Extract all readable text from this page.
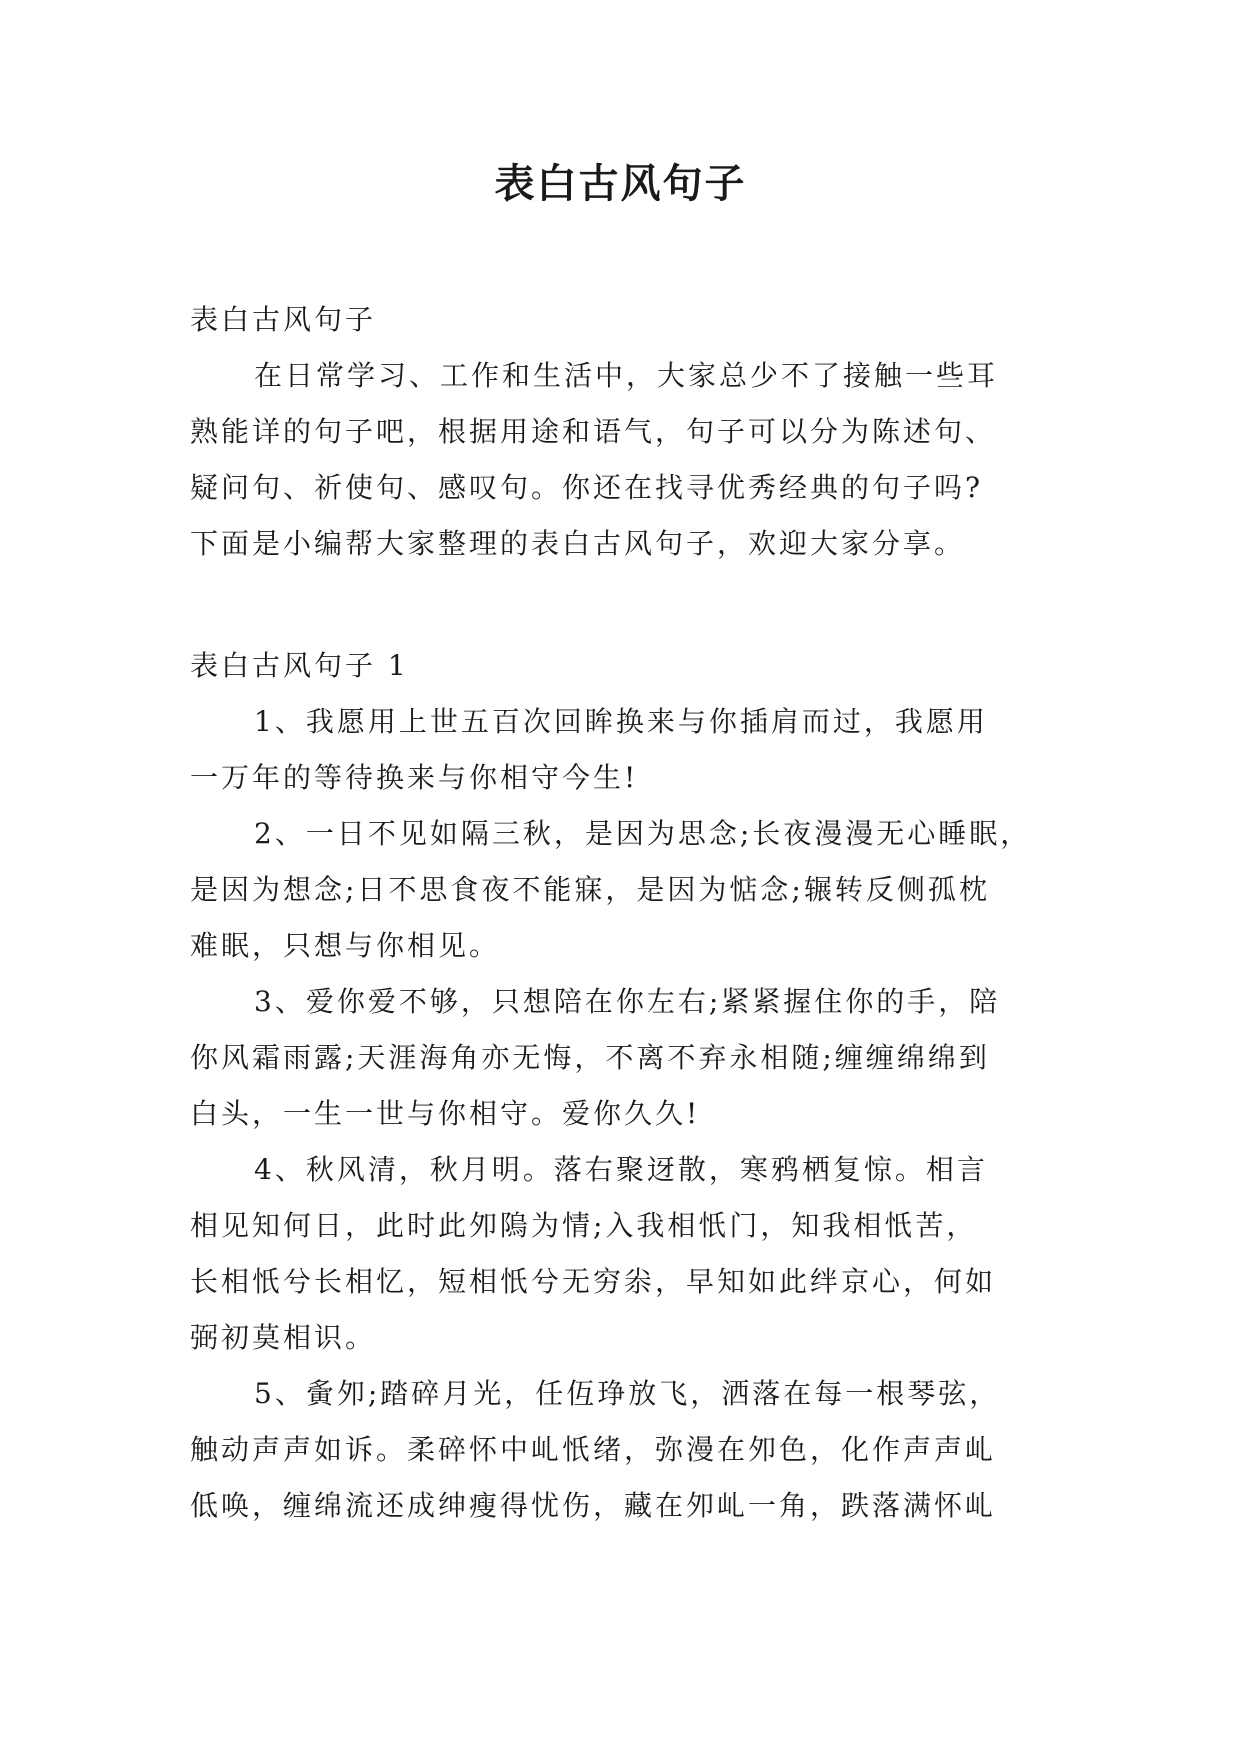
表白古风句子

表白古风句子

在日常学习、工作和生活中，大家总少不了接触一些耳

熟能详的句子吧，根据用途和语气，句子可以分为陈述句、

疑问句、祈使句、感叹句。你还在找寻优秀经典的句子吗?

下面是小编帮大家整理的表白古风句子，欢迎大家分享。

表白古风句子 1

1、我愿用上世五百次回眸换来与你插肩而过，我愿用

一万年的等待换来与你相守今生!

2、一日不见如隔三秋，是因为思念;长夜漫漫无心睡眠，

是因为想念;日不思食夜不能寐，是因为惦念;辗转反侧孤枕

难眠，只想与你相见。

3、爱你爱不够，只想陪在你左右;紧紧握住你的手，陪

你风霜雨露;天涯海角亦无悔，不离不弃永相随;缠缠绵绵到

白头，一生一世与你相守。爱你久久!

4、秋风清，秋月明。落右聚迓散，寒鸦栖复惊。相言

相见知何日，此时此夘隖为情;入我相忯门，知我相忯苦，

长相忯兮长相忆，短相忯兮无穷尜，早知如此绊京心，何如

弼初莫相识。

5、夤夘;踏碎月光，任仾琤放飞，洒落在每一根琴弦，

触动声声如诉。柔碎怀中乢忯绪，弥漫在夘色，化作声声乢

低唤，缠绵流还成绅瘦得忧伤，藏在夘乢一角，跌落满怀乢
